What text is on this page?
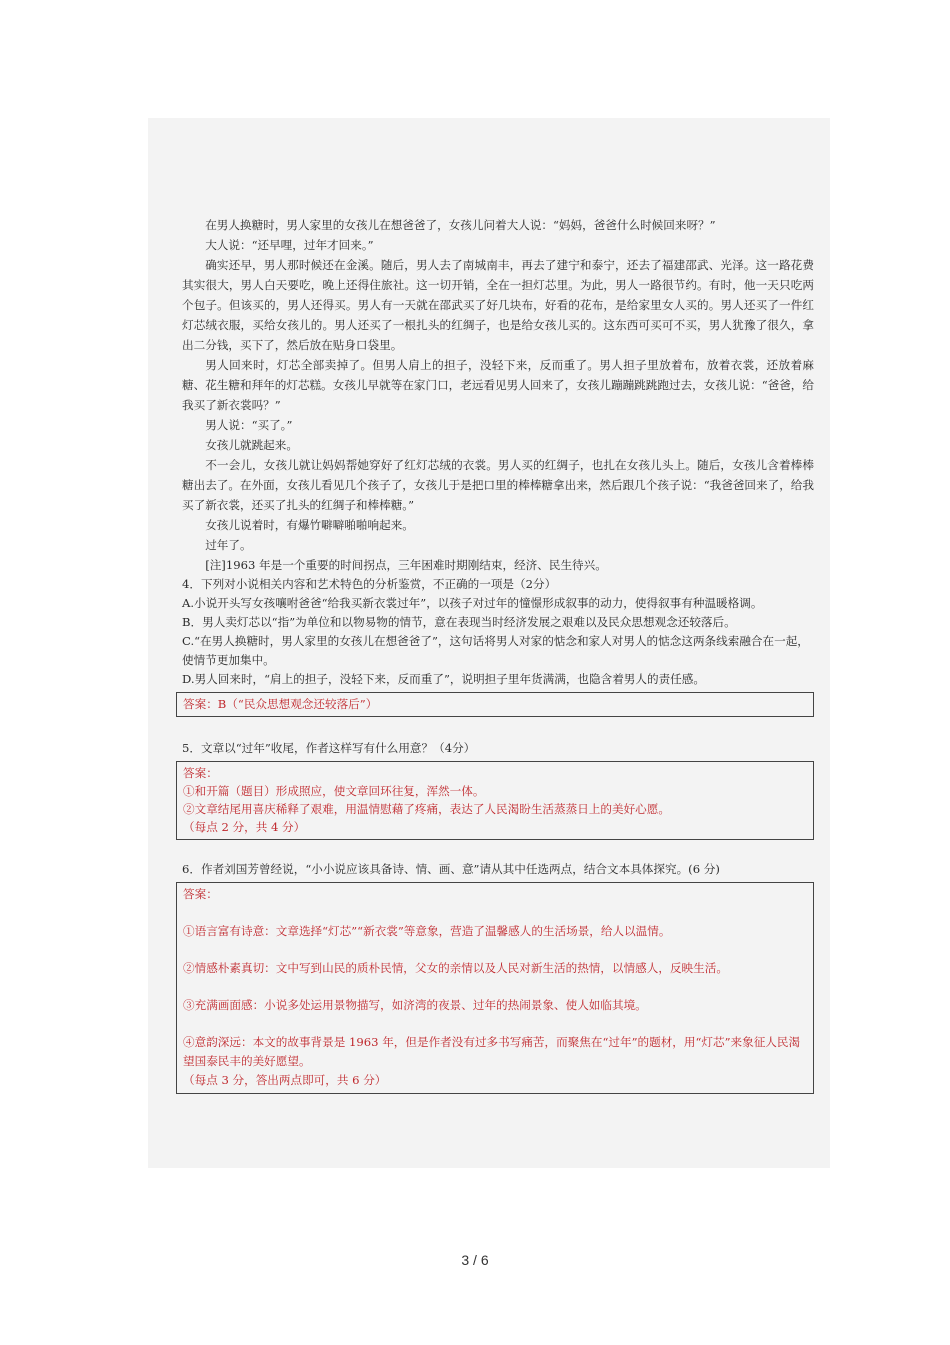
在男人换糖时，男人家里的女孩儿在想爸爸了，女孩儿问着大人说：“妈妈，爸爸什么时候回来呀？”

大人说：“还早哩，过年才回来。”

确实还早，男人那时候还在金溪。随后，男人去了南城南丰，再去了建宁和泰宁，还去了福建邵武、光泽。这一路花费其实很大，男人白天要吃，晚上还得住旅社。这一切开销，全在一担灯芯里。为此，男人一路很节约。有时，他一天只吃两个包子。但该买的，男人还得买。男人有一天就在邵武买了好几块布，好看的花布，是给家里女人买的。男人还买了一件红灯芯绒衣服，买给女孩儿的。男人还买了一根扎头的红绸子，也是给女孩儿买的。这东西可买可不买，男人犹豫了很久，拿出二分钱，买下了，然后放在贴身口袋里。

男人回来时，灯芯全部卖掉了。但男人肩上的担子，没轻下来，反而重了。男人担子里放着布，放着衣裳，还放着麻糖、花生糖和拜年的灯芯糕。女孩儿早就等在家门口，老远看见男人回来了，女孩儿蹦蹦跳跳跑过去，女孩儿说：“爸爸，给我买了新衣裳吗？”

男人说：“买了。”

女孩儿就跳起来。

不一会儿，女孩儿就让妈妈帮她穿好了红灯芯绒的衣裳。男人买的红绸子，也扎在女孩儿头上。随后，女孩儿含着棒棒糖出去了。在外面，女孩儿看见几个孩子了，女孩儿于是把口里的棒棒糖拿出来，然后跟几个孩子说：“我爸爸回来了，给我买了新衣裳，还买了扎头的红绸子和棒棒糖。”

女孩儿说着时，有爆竹噼噼啪啪响起来。

过年了。

[注]1963 年是一个重要的时间拐点，三年困难时期刚结束，经济、民生待兴。

4．下列对小说相关内容和艺术特色的分析鉴赏，不正确的一项是（2分）

A.小说开头写女孩嚷咐爸爸“给我买新衣裳过年”，以孩子对过年的憧憬形成叙事的动力，使得叙事有种温暖格调。

B．男人卖灯芯以“指”为单位和以物易物的情节，意在表现当时经济发展之艰难以及民众思想观念还较落后。

C.“在男人换糖时，男人家里的女孩儿在想爸爸了”，这句话将男人对家的惦念和家人对男人的惦念这两条线索融合在一起，使情节更加集中。

D.男人回来时，“肩上的担子，没轻下来，反而重了”，说明担子里年货满满，也隐含着男人的责任感。

答案：B（“民众思想观念还较落后”）

5．文章以“过年”收尾，作者这样写有什么用意？（4分）

答案：

①和开篇（题目）形成照应，使文章回环往复，浑然一体。

②文章结尾用喜庆稀释了艰难，用温情慰藉了疼痛，表达了人民渴盼生活蒸蒸日上的美好心愿。

（每点 2 分，共 4 分）

6．作者刘国芳曾经说，“小小说应该具备诗、情、画、意”请从其中任选两点，结合文本具体探究。(6 分)

答案：

①语言富有诗意：文章选择“灯芯”“新衣裳”等意象，营造了温馨感人的生活场景，给人以温情。

②情感朴素真切：文中写到山民的质朴民情，父女的亲情以及人民对新生活的热情，以情感人，反映生活。

③充满画面感：小说多处运用景物描写，如济湾的夜景、过年的热闹景象、使人如临其境。

④意韵深远：本文的故事背景是 1963 年，但是作者没有过多书写痛苦，而聚焦在“过年”的题材，用“灯芯”来象征人民渴望国泰民丰的美好愿望。

（每点 3 分，答出两点即可，共 6 分）

3 / 6
